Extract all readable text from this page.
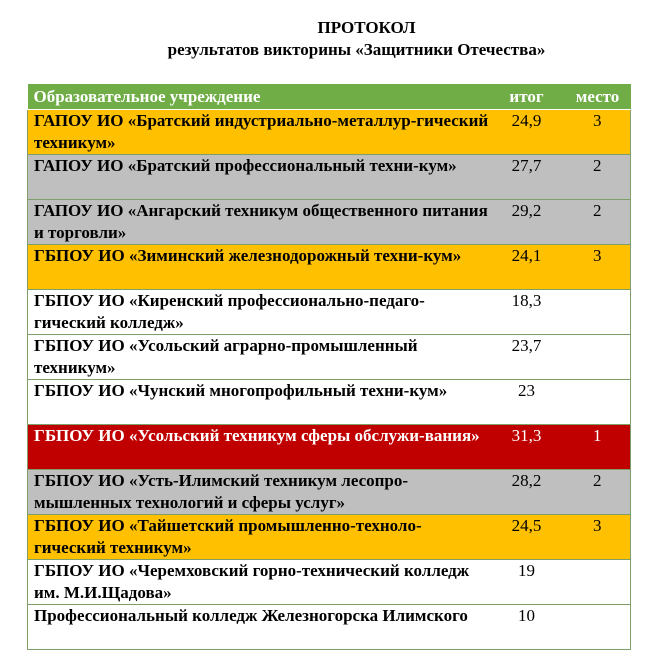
ПРОТОКОЛ
результатов викторины «Защитники Отечества»
Образовательное учреждение	итог	место
ГАПОУ ИО «Братский индустриально-металлур-гический техникум»	24,9	3
ГАПОУ ИО «Братский профессиональный техни-кум»	27,7	2
ГАПОУ ИО «Ангарский техникум общественного питания и торговли»	29,2	2
ГБПОУ ИО «Зиминский железнодорожный техни-кум»	24,1	3
ГБПОУ ИО «Киренский профессионально-педаго-гический колледж»	18,3	
ГБПОУ ИО «Усольский аграрно-промышленный техникум»	23,7	
ГБПОУ ИО «Чунский многопрофильный техни-кум»	23	
ГБПОУ ИО «Усольский техникум сферы обслужи-вания»	31,3	1
ГБПОУ ИО «Усть-Илимский техникум лесопро-мышленных технологий и сферы услуг»	28,2	2
ГБПОУ ИО «Тайшетский промышленно-техноло-гический техникум»	24,5	3
ГБПОУ ИО «Черемховский горно-технический колледж им. М.И.Щадова»	19	
Профессиональный колледж Железногорска Илимского	10	
